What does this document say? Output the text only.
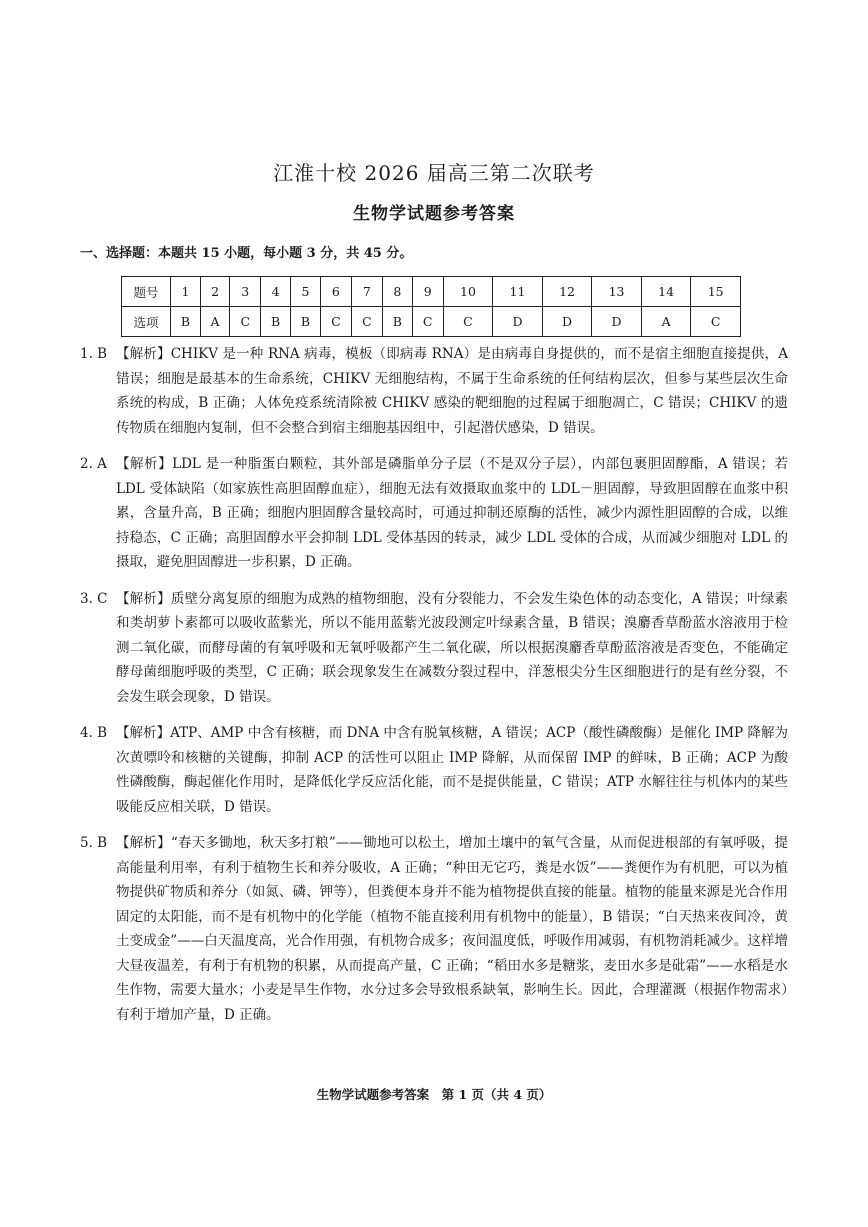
江淮十校 2026 届高三第二次联考
生物学试题参考答案
一、选择题：本题共 15 小题，每小题 3 分，共 45 分。
题号	1	2	3	4	5	6	7	8	9	10	11	12	13	14	15
选项	B	A	C	B	B	C	C	B	C	C	D	D	D	A	C
1. B 【解析】CHIKV 是一种 RNA 病毒，模板（即病毒 RNA）是由病毒自身提供的，而不是宿主细胞直接提供，A 错误；细胞是最基本的生命系统，CHIKV 无细胞结构，不属于生命系统的任何结构层次，但参与某些层次生命系统的构成，B 正确；人体免疫系统清除被 CHIKV 感染的靶细胞的过程属于细胞凋亡，C 错误；CHIKV 的遗传物质在细胞内复制，但不会整合到宿主细胞基因组中，引起潜伏感染，D 错误。
2. A 【解析】LDL 是一种脂蛋白颗粒，其外部是磷脂单分子层（不是双分子层），内部包裹胆固醇酯，A 错误；若 LDL 受体缺陷（如家族性高胆固醇血症），细胞无法有效摄取血浆中的 LDL－胆固醇，导致胆固醇在血浆中积累，含量升高，B 正确；细胞内胆固醇含量较高时，可通过抑制还原酶的活性，减少内源性胆固醇的合成，以维持稳态，C 正确；高胆固醇水平会抑制 LDL 受体基因的转录，减少 LDL 受体的合成，从而减少细胞对 LDL 的摄取，避免胆固醇进一步积累，D 正确。
3. C 【解析】质壁分离复原的细胞为成熟的植物细胞，没有分裂能力，不会发生染色体的动态变化，A 错误；叶绿素和类胡萝卜素都可以吸收蓝紫光，所以不能用蓝紫光波段测定叶绿素含量，B 错误；溴麝香草酚蓝水溶液用于检测二氧化碳，而酵母菌的有氧呼吸和无氧呼吸都产生二氧化碳，所以根据溴麝香草酚蓝溶液是否变色，不能确定酵母菌细胞呼吸的类型，C 正确；联会现象发生在减数分裂过程中，洋葱根尖分生区细胞进行的是有丝分裂，不会发生联会现象，D 错误。
4. B 【解析】ATP、AMP 中含有核糖，而 DNA 中含有脱氧核糖，A 错误；ACP（酸性磷酸酶）是催化 IMP 降解为次黄嘌呤和核糖的关键酶，抑制 ACP 的活性可以阻止 IMP 降解，从而保留 IMP 的鲜味，B 正确；ACP 为酸性磷酸酶，酶起催化作用时，是降低化学反应活化能，而不是提供能量，C 错误；ATP 水解往往与机体内的某些吸能反应相关联，D 错误。
5. B 【解析】“春天多锄地，秋天多打粮”——锄地可以松土，增加土壤中的氧气含量，从而促进根部的有氧呼吸，提高能量利用率，有利于植物生长和养分吸收，A 正确；“种田无它巧，粪是水饭”——粪便作为有机肥，可以为植物提供矿物质和养分（如氮、磷、钾等），但粪便本身并不能为植物提供直接的能量。植物的能量来源是光合作用固定的太阳能，而不是有机物中的化学能（植物不能直接利用有机物中的能量），B 错误；“白天热来夜间冷，黄土变成金”——白天温度高，光合作用强，有机物合成多；夜间温度低，呼吸作用减弱，有机物消耗减少。这样增大昼夜温差，有利于有机物的积累，从而提高产量，C 正确；“稻田水多是糖浆，麦田水多是砒霜”——水稻是水生作物，需要大量水；小麦是旱生作物，水分过多会导致根系缺氧，影响生长。因此，合理灌溉（根据作物需求）有利于增加产量，D 正确。
生物学试题参考答案　第 1 页（共 4 页）
